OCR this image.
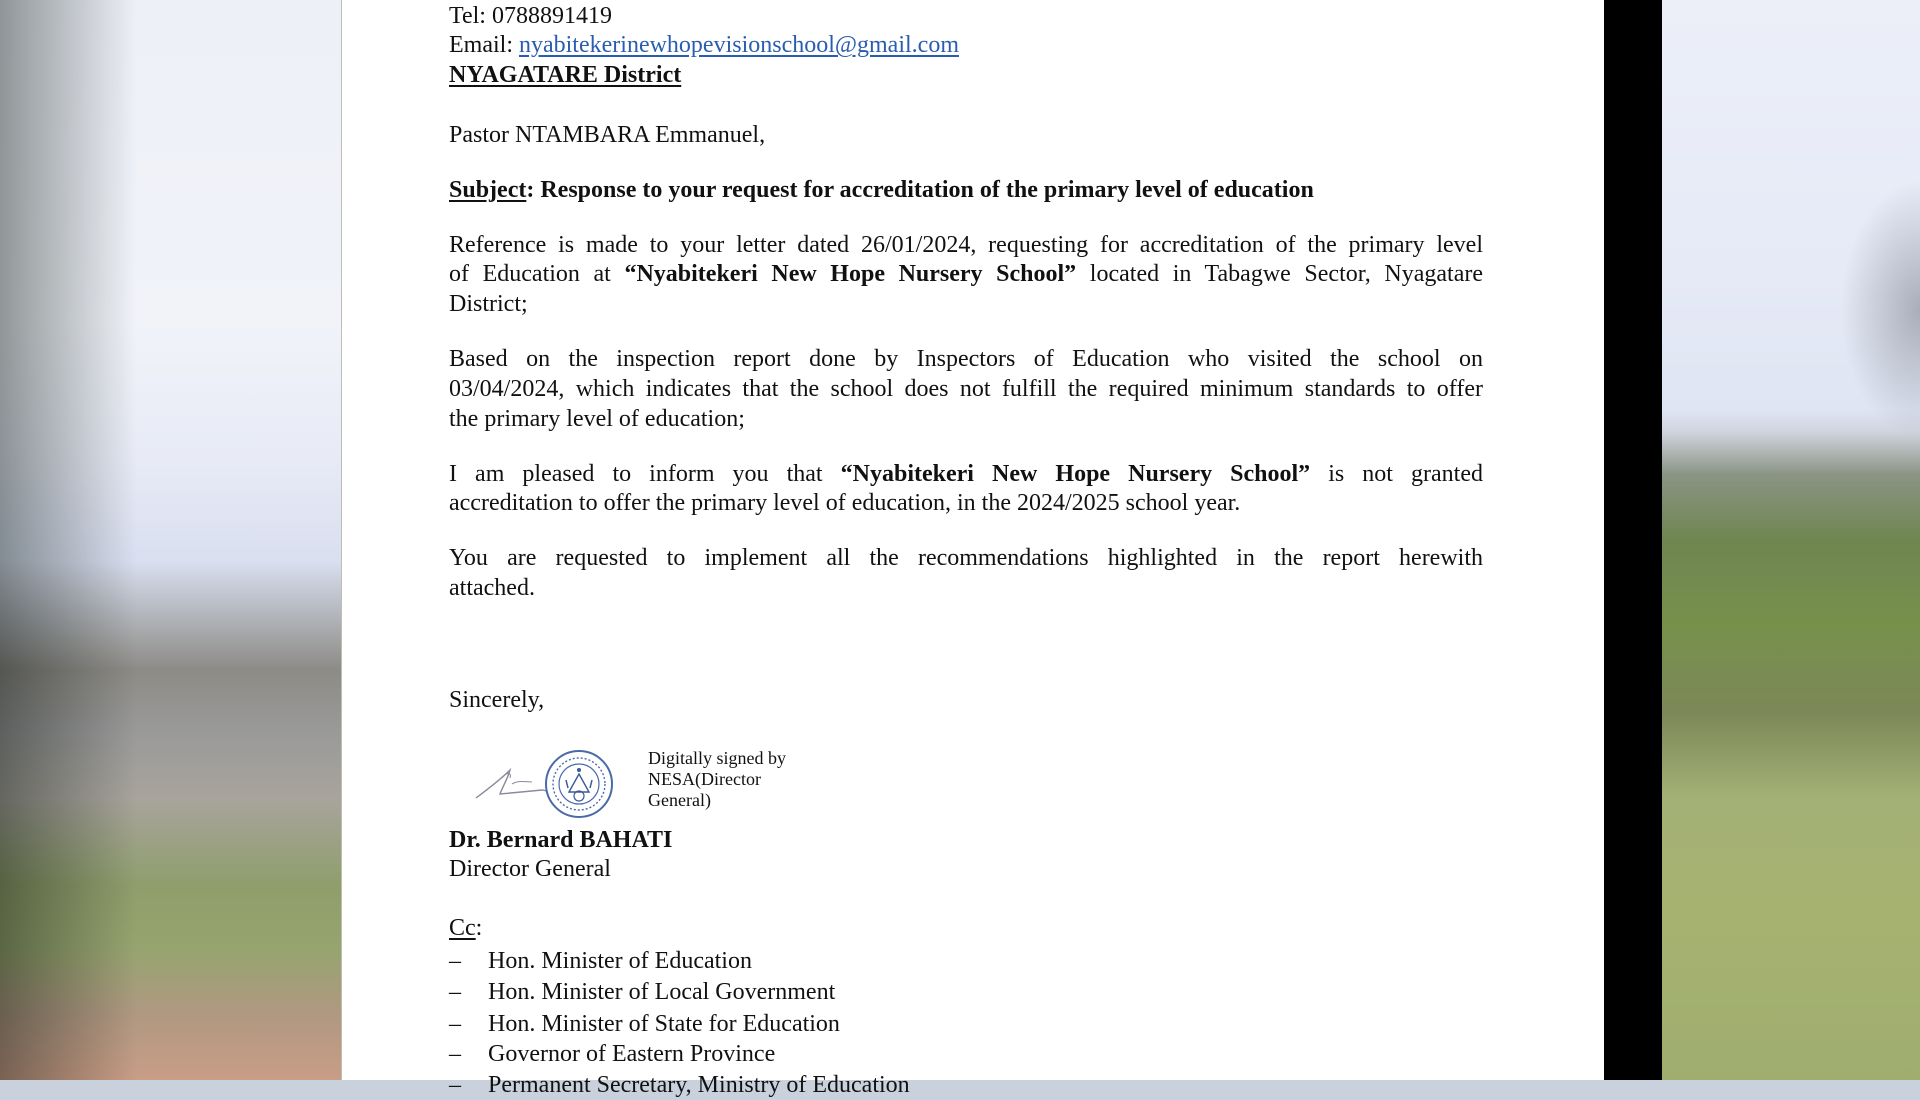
Tel: 0788891419
Email: nyabitekerinewhopevisionschool@gmail.com
NYAGATARE District
Pastor NTAMBARA Emmanuel,
Subject: Response to your request for accreditation of the primary level of education
Reference is made to your letter dated 26/01/2024, requesting for accreditation of the primary level
of Education at “Nyabitekeri New Hope Nursery School” located in Tabagwe Sector, Nyagatare
District;
Based on the inspection report done by Inspectors of Education who visited the school on
03/04/2024, which indicates that the school does not fulfill the required minimum standards to offer
the primary level of education;
I am pleased to inform you that “Nyabitekeri New Hope Nursery School” is not granted
accreditation to offer the primary level of education, in the 2024/2025 school year.
You are requested to implement all the recommendations highlighted in the report herewith
attached.
Sincerely,
Digitally signed by
NESA(Director
General)
Dr. Bernard BAHATI
Director General
Cc:
– Hon. Minister of Education
– Hon. Minister of Local Government
– Hon. Minister of State for Education
– Governor of Eastern Province
– Permanent Secretary, Ministry of Education
